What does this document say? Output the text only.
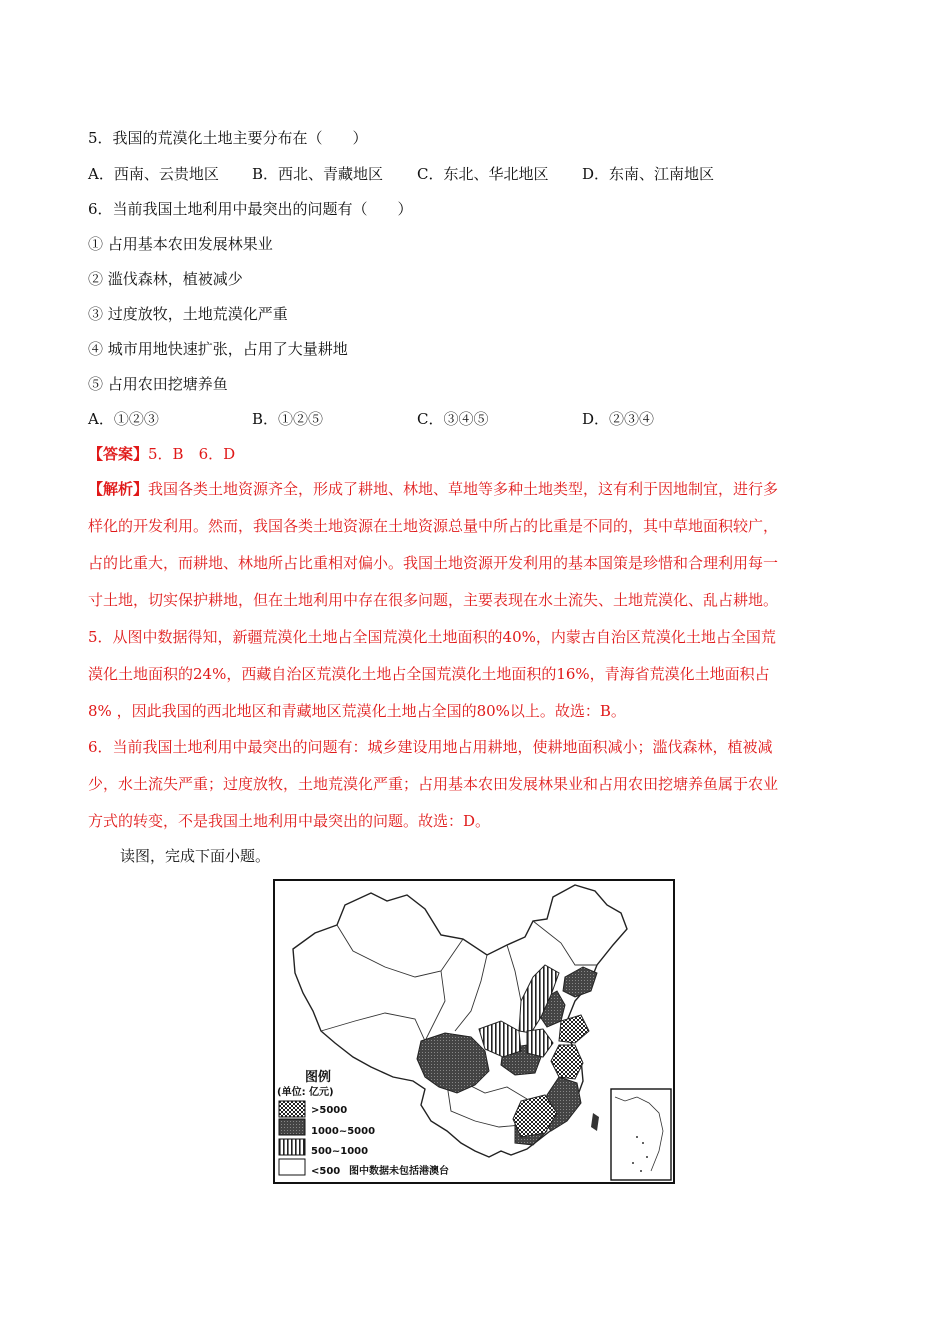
5．我国的荒漠化土地主要分布在（　　）
A．西南、云贵地区 B．西北、青藏地区 C．东北、华北地区 D．东南、江南地区
6．当前我国土地利用中最突出的问题有（　　）
① 占用基本农田发展林果业
② 滥伐森林，植被减少
③ 过度放牧，土地荒漠化严重
④ 城市用地快速扩张，占用了大量耕地
⑤ 占用农田挖塘养鱼
A．①②③	B．①②⑤	C．③④⑤	D．②③④
【答案】5．B　6．D
【解析】我国各类土地资源齐全，形成了耕地、林地、草地等多种土地类型，这有利于因地制宜，进行多
样化的开发利用。然而，我国各类土地资源在土地资源总量中所占的比重是不同的，其中草地面积较广，
占的比重大，而耕地、林地所占比重相对偏小。我国土地资源开发利用的基本国策是珍惜和合理利用每一
寸土地，切实保护耕地，但在土地利用中存在很多问题，主要表现在水土流失、土地荒漠化、乱占耕地。
5．从图中数据得知，新疆荒漠化土地占全国荒漠化土地面积的40%，内蒙古自治区荒漠化土地占全国荒
漠化土地面积的24%，西藏自治区荒漠化土地占全国荒漠化土地面积的16%，青海省荒漠化土地面积占
8% ，因此我国的西北地区和青藏地区荒漠化土地占全国的80%以上。故选：B。
6．当前我国土地利用中最突出的问题有：城乡建设用地占用耕地，使耕地面积减小；滥伐森林，植被减
少，水土流失严重；过度放牧，土地荒漠化严重；占用基本农田发展林果业和占用农田挖塘养鱼属于农业
方式的转变，不是我国土地利用中最突出的问题。故选：D。
读图，完成下面小题。
图例
(单位: 亿元)
>5000
1000~5000
500~1000
<500 图中数据未包括港澳台
